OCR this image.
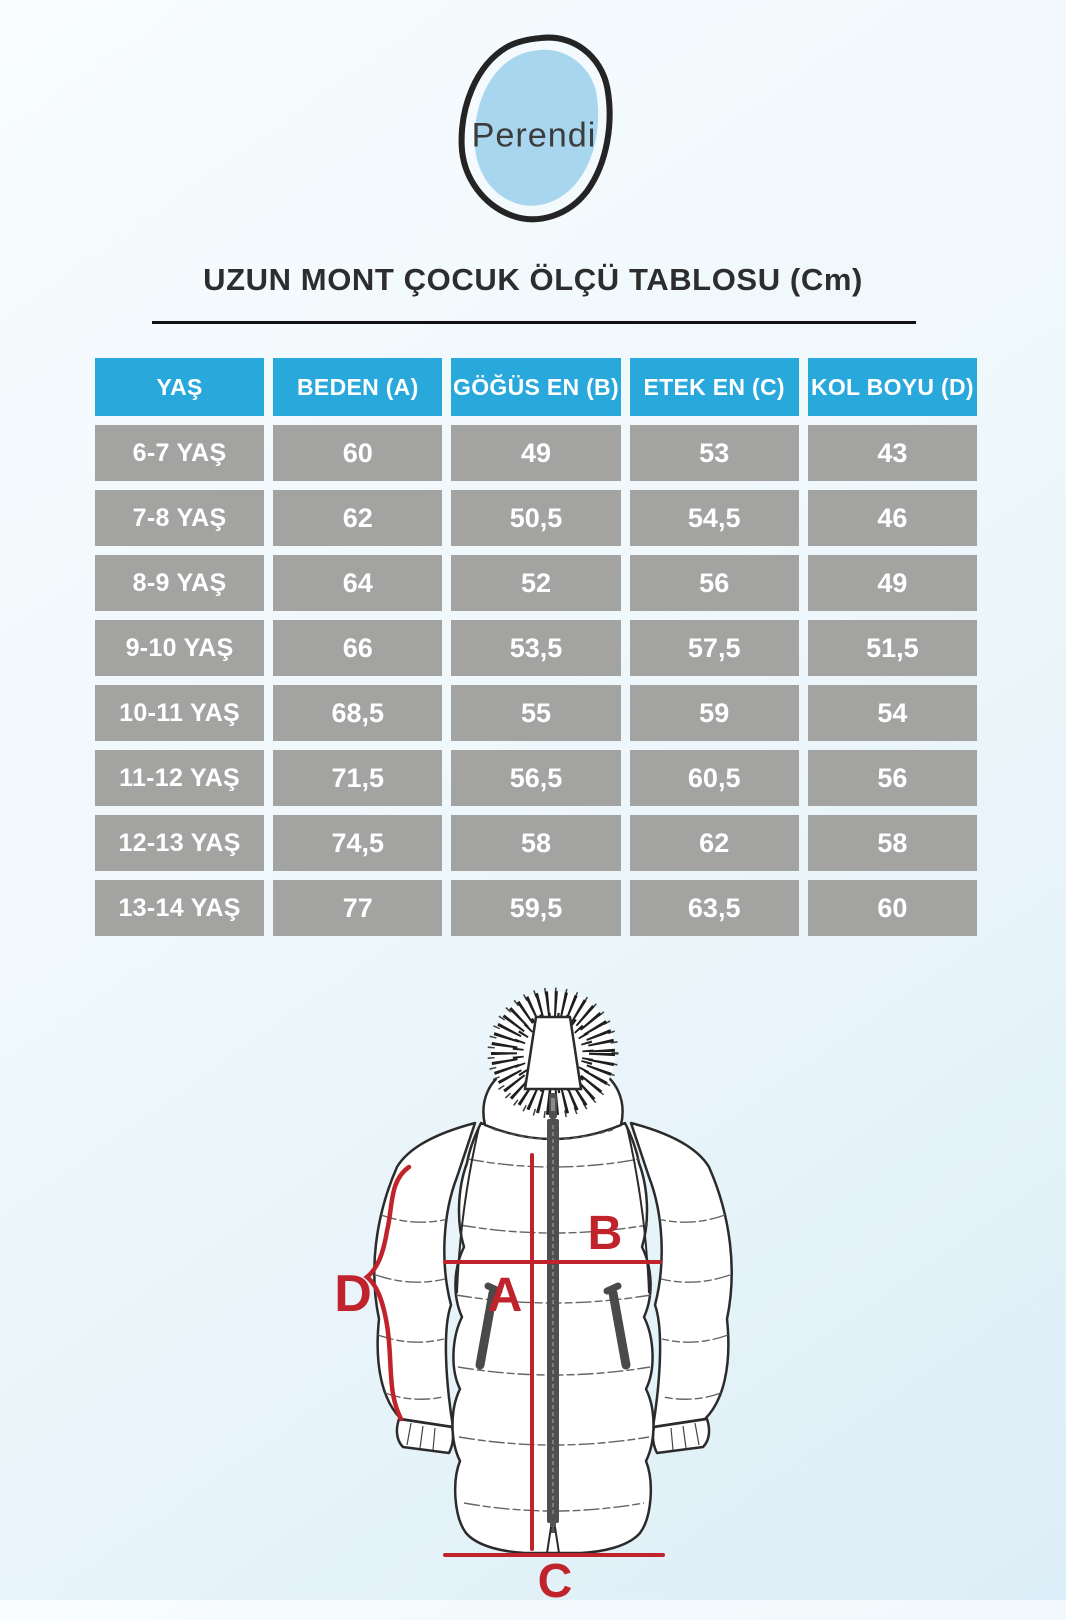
Perendi
UZUN MONT ÇOCUK ÖLÇÜ TABLOSU (Cm)
YAŞ	BEDEN (A)	GÖĞÜS EN (B)	ETEK EN (C)	KOL BOYU (D)
6-7 YAŞ	60	49	53	43
7-8 YAŞ	62	50,5	54,5	46
8-9 YAŞ	64	52	56	49
9-10 YAŞ	66	53,5	57,5	51,5
10-11 YAŞ	68,5	55	59	54
11-12 YAŞ	71,5	56,5	60,5	56
12-13 YAŞ	74,5	58	62	58
13-14 YAŞ	77	59,5	63,5	60
A
B
C
D
